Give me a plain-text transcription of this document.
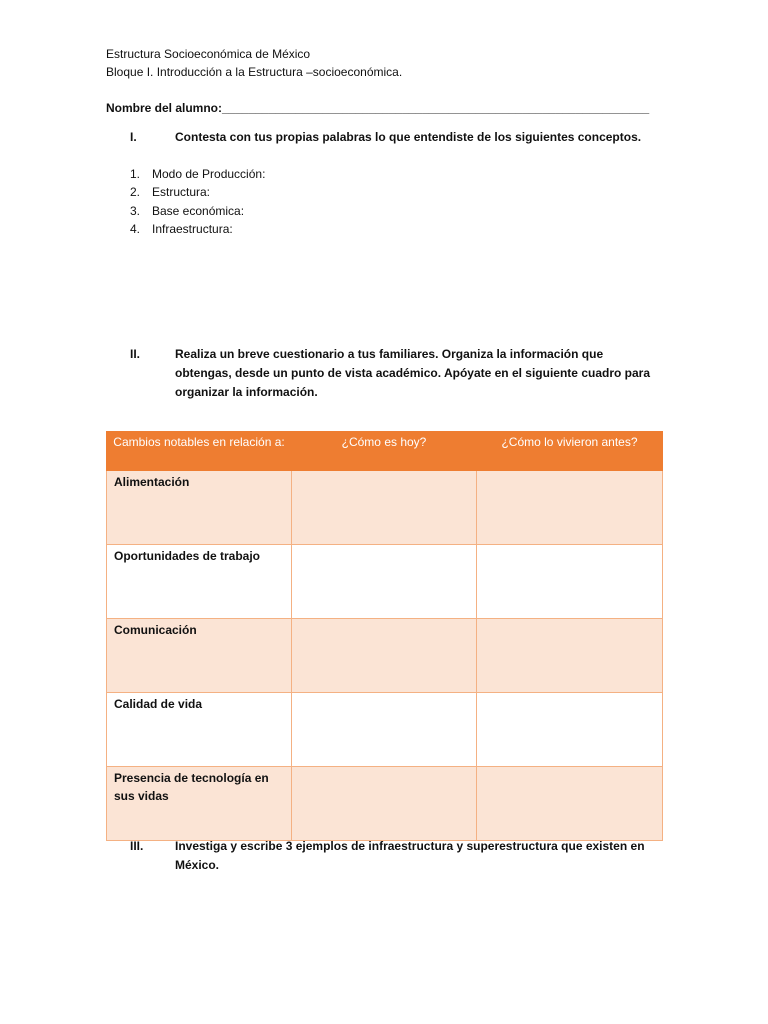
Estructura Socioeconómica de México
Bloque I. Introducción a la Estructura –socioeconómica.
Nombre del alumno:________________________________________________________________
I.	Contesta con tus propias palabras lo que entendiste de los siguientes conceptos.
1. Modo de Producción:
2. Estructura:
3. Base económica:
4. Infraestructura:
II.	Realiza un breve cuestionario a tus familiares. Organiza la información que obtengas, desde un punto de vista académico. Apóyate en el siguiente cuadro para organizar la información.
Cambios notables en relación a:	¿Cómo es hoy?	¿Cómo lo vivieron antes?
Alimentación		
Oportunidades de trabajo		
Comunicación		
Calidad de vida		
Presencia de tecnología en sus vidas		
III.	Investiga y escribe 3 ejemplos de infraestructura y superestructura que existen en México.
